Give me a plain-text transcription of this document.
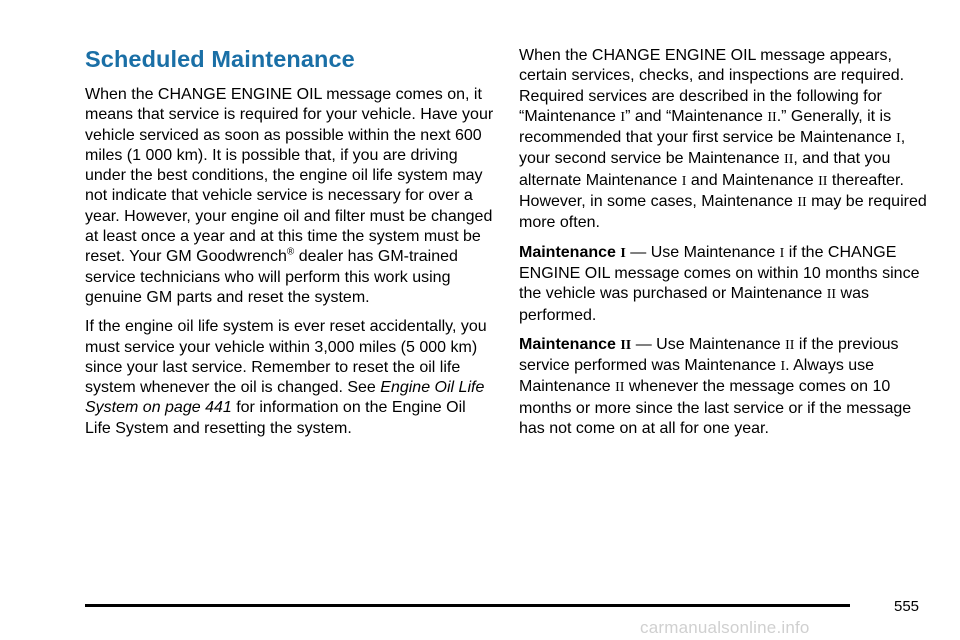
Scheduled Maintenance

When the CHANGE ENGINE OIL message comes on, it means that service is required for your vehicle. Have your vehicle serviced as soon as possible within the next 600 miles (1 000 km). It is possible that, if you are driving under the best conditions, the engine oil life system may not indicate that vehicle service is necessary for over a year. However, your engine oil and filter must be changed at least once a year and at this time the system must be reset. Your GM Goodwrench® dealer has GM-trained service technicians who will perform this work using genuine GM parts and reset the system.

If the engine oil life system is ever reset accidentally, you must service your vehicle within 3,000 miles (5 000 km) since your last service. Remember to reset the oil life system whenever the oil is changed. See Engine Oil Life System on page 441 for information on the Engine Oil Life System and resetting the system.

When the CHANGE ENGINE OIL message appears, certain services, checks, and inspections are required. Required services are described in the following for “Maintenance I” and “Maintenance II.” Generally, it is recommended that your first service be Maintenance I, your second service be Maintenance II, and that you alternate Maintenance I and Maintenance II thereafter. However, in some cases, Maintenance II may be required more often.

Maintenance I — Use Maintenance I if the CHANGE ENGINE OIL message comes on within 10 months since the vehicle was purchased or Maintenance II was performed.

Maintenance II — Use Maintenance II if the previous service performed was Maintenance I. Always use Maintenance II whenever the message comes on 10 months or more since the last service or if the message has not come on at all for one year.

555
carmanualsonline.info
